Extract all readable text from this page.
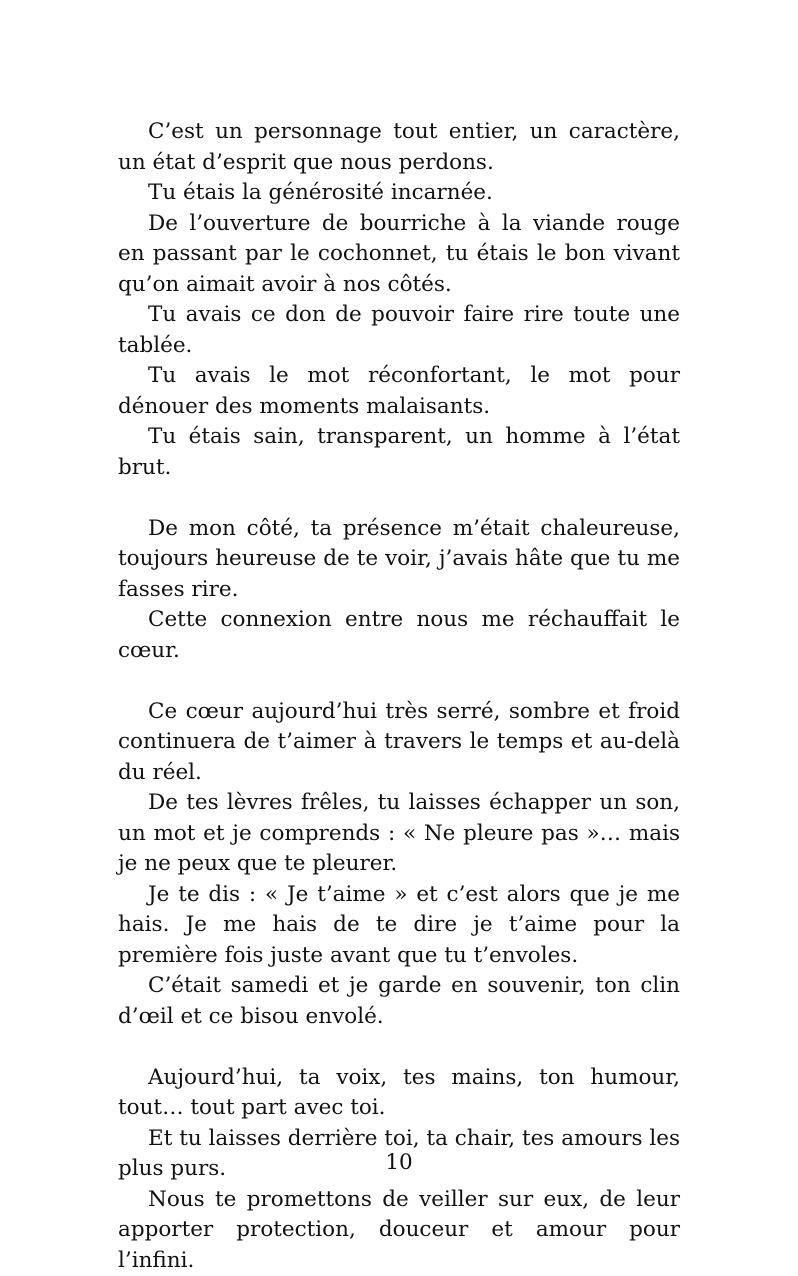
C’est un personnage tout entier, un caractère, un état d’esprit que nous perdons.

Tu étais la générosité incarnée.

De l’ouverture de bourriche à la viande rouge en passant par le cochonnet, tu étais le bon vivant qu’on aimait avoir à nos côtés.

Tu avais ce don de pouvoir faire rire toute une tablée.

Tu avais le mot réconfortant, le mot pour dénouer des moments malaisants.

Tu étais sain, transparent, un homme à l’état brut.

De mon côté, ta présence m’était chaleureuse, toujours heureuse de te voir, j’avais hâte que tu me fasses rire.

Cette connexion entre nous me réchauffait le cœur.

Ce cœur aujourd’hui très serré, sombre et froid continuera de t’aimer à travers le temps et au-delà du réel.

De tes lèvres frêles, tu laisses échapper un son, un mot et je comprends : « Ne pleure pas »… mais je ne peux que te pleurer.

Je te dis : « Je t’aime » et c’est alors que je me hais. Je me hais de te dire je t’aime pour la première fois juste avant que tu t’envoles.

C’était samedi et je garde en souvenir, ton clin d’œil et ce bisou envolé.

Aujourd’hui, ta voix, tes mains, ton humour, tout… tout part avec toi.

Et tu laisses derrière toi, ta chair, tes amours les plus purs.

Nous te promettons de veiller sur eux, de leur apporter protection, douceur et amour pour l’infini.

10
